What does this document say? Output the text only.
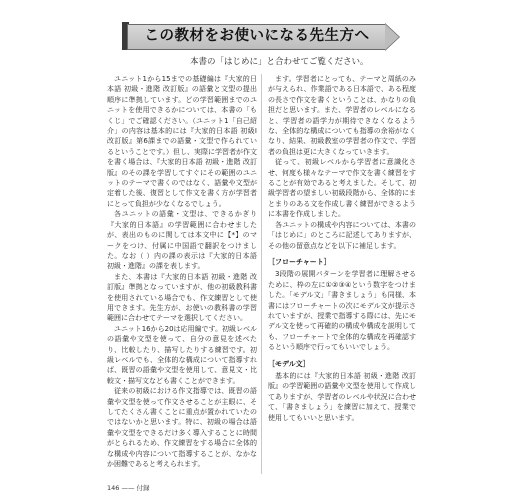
この教材をお使いになる先生方へ
本書の「はじめに」と合わせてご覧ください。

ユニット1から15までの基礎編は『大家的日本語 初級・進階 改訂版』の語彙と文型の提出順序に準拠しています。どの学習範囲までのユニットを使用できるかについては、本書の「もくじ」でご確認ください。（ユニット1「自己紹介」の内容は基本的には『大家的日本語 初級Ⅰ 改訂版』第6課までの語彙・文型で作られているということです。）但し、実際に学習者が作文を書く場合は、『大家的日本語 初級・進階 改訂版』のその課を学習してすぐにその範囲のユニットのテーマで書くのではなく、語彙や文型が定着した後、復習として作文を書く方が学習者にとって負担が少なくなるでしょう。

各ユニットの語彙・文型は、できるかぎり『大家的日本語』の学習範囲に合わせましたが、表出のものに関しては本文中に【*】のマークをつけ、付属に中国語で翻訳をつけました。なお（ ）内の課の表示は『大家的日本語 初級・進階』の課を表します。

また、本書は『大家的日本語 初級・進階 改訂版』準拠となっていますが、他の初級教科書を使用されている場合でも、作文練習として使用できます。先生方が、お使いの教科書の学習範囲に合わせてテーマを選択してください。

ユニット16から20は応用編です。初級レベルの語彙や文型を使って、自分の意見を述べたり、比較したり、描写したりする練習です。初級レベルでも、全体的な構成について指導すれば、既習の語彙や文型を使用して、意見文・比較文・描写文なども書くことができます。

従来の初級における作文指導では、既習の語彙や文型を使って作文させることが主眼に、そしてたくさん書くことに重点が置かれていたのではないかと思います。特に、初級の場合は語彙や文型をできるだけ多く導入することに時間がとられるため、作文練習をする場合に全体的な構成や内容について指導することが、なかなか困難であると考えられます。

ます。学習者にとっても、テーマと周紙のみが与えられ、作業語である日本語で、ある程度の長さで作文を書くということは、かなりの負担だと思います。また、学習者のレベルになると、学習者の語学力が期待できなくなるような、全体的な構成についても指導の余裕がなくなり、結果、初級教室の学習者の作文で、学習者の負担は更に大きくなっていきます。

従って、初級レベルから学習者に意識化させ、何度も様々なテーマで作文を書く練習をすることが有効であると考えました。そして、初級学習者の望ましい初級段階から、全体的にまとまりのある文を作成し書く練習ができるように本書を作成しました。

各ユニットの構成や内容については、本書の「はじめに」のところに記述してありますが、その他の留意点などを以下に補足します。

［フローチャート］

3段階の展開パターンを学習者に理解させるために、枠の左に①②③④という数字をつけました。「モデル文」「書きましょう」も同様、本書にはフローチャートの次にモデル文が提示されていますが、授業で指導する際には、先にモデル文を使って再確的の構成や構成を説明しても、フローチャートで全体的な構成を再確認するという順序で行ってもいいでしょう。

［モデル文］

基本的には『大家的日本語 初級・進階 改訂版』の学習範囲の語彙や文型を使用して作成してありますが、学習者のレベルや状況に合わせて、「書きましょう」を練習に加えて、授業で使用してもいいと思います。

146 —— 付録
